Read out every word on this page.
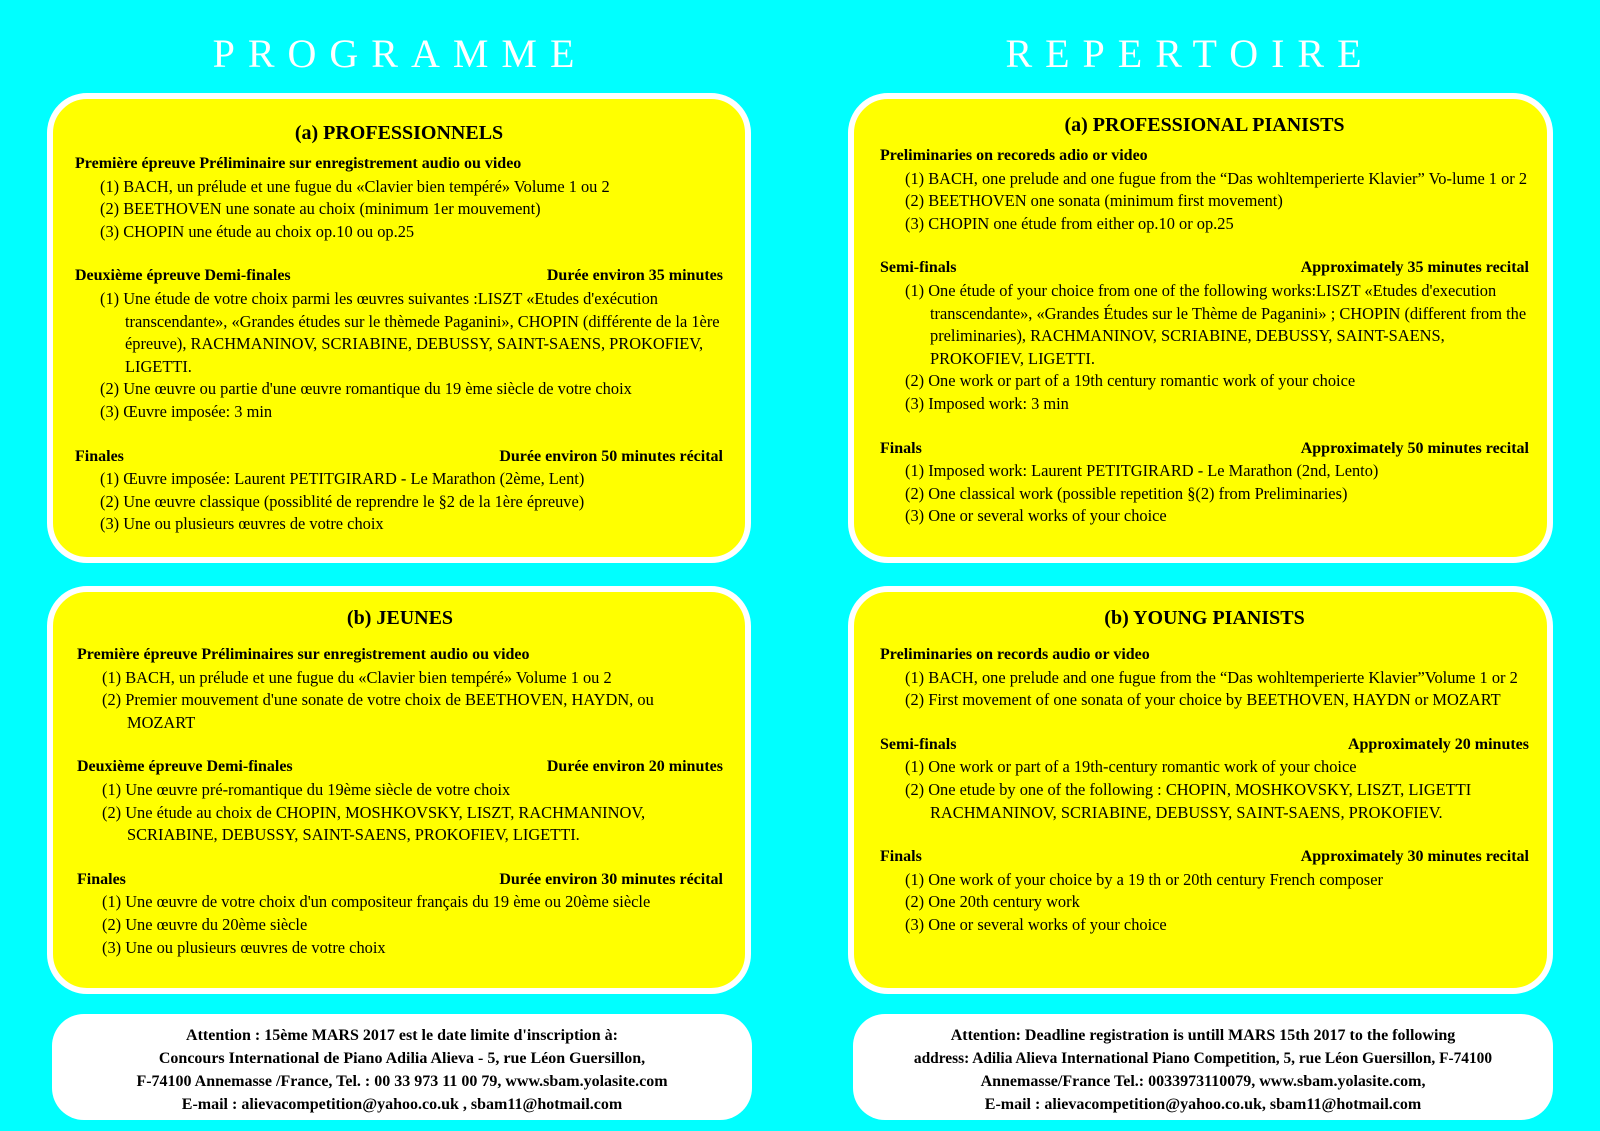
PROGRAMME	REPERTOIRE
(a) PROFESSIONNELS
Première épreuve Préliminaire sur enregistrement audio ou video
(1) BACH, un prélude et une fugue du «Clavier bien tempéré» Volume 1 ou 2
(2) BEETHOVEN une sonate au choix (minimum 1er mouvement)
(3) CHOPIN une étude au choix op.10 ou op.25
Deuxième épreuve Demi-finales	Durée environ 35 minutes
(1) Une étude de votre choix parmi les œuvres suivantes :LISZT «Etudes d'exécution transcendante», «Grandes études sur le thèmede Paganini», CHOPIN (différente de la 1ère épreuve), RACHMANINOV, SCRIABINE, DEBUSSY, SAINT-SAENS, PROKOFIEV, LIGETTI.
(2) Une œuvre ou partie d'une œuvre romantique du 19 ème siècle de votre choix
(3) Œuvre imposée: 3 min
Finales	Durée environ 50 minutes récital
(1) Œuvre imposée: Laurent PETITGIRARD - Le Marathon (2ème, Lent)
(2) Une œuvre classique (possiblité de reprendre le §2 de la 1ère épreuve)
(3) Une ou plusieurs œuvres de votre choix
(b) JEUNES
Première épreuve Préliminaires sur enregistrement audio ou video
(1) BACH, un prélude et une fugue du «Clavier bien tempéré» Volume 1 ou 2
(2) Premier mouvement d'une sonate de votre choix de BEETHOVEN, HAYDN, ou MOZART
Deuxième épreuve Demi-finales	Durée environ 20 minutes
(1) Une œuvre pré-romantique du 19ème siècle de votre choix
(2) Une étude au choix de CHOPIN, MOSHKOVSKY, LISZT, RACHMANINOV, SCRIABINE, DEBUSSY, SAINT-SAENS, PROKOFIEV, LIGETTI.
Finales	Durée environ 30 minutes récital
(1) Une œuvre de votre choix d'un compositeur français du 19 ème ou 20ème siècle
(2) Une œuvre du 20ème siècle
(3) Une ou plusieurs œuvres de votre choix
(a) PROFESSIONAL PIANISTS
Preliminaries on recoreds adio or video
(1) BACH, one prelude and one fugue from the “Das wohltemperierte Klavier” Vo-lume 1 or 2
(2) BEETHOVEN one sonata (minimum first movement)
(3) CHOPIN one étude from either op.10 or op.25
Semi-finals	Approximately 35 minutes recital
(1) One étude of your choice from one of the following works:LISZT «Etudes d'execution transcendante», «Grandes Études sur le Thème de Paganini» ; CHOPIN (different from the preliminaries), RACHMANINOV, SCRIABINE, DEBUSSY, SAINT-SAENS, PROKOFIEV, LIGETTI.
(2) One work or part of a 19th century romantic work of your choice
(3) Imposed work: 3 min
Finals	Approximately 50 minutes recital
(1) Imposed work: Laurent PETITGIRARD - Le Marathon (2nd, Lento)
(2) One classical work (possible repetition §(2) from Preliminaries)
(3) One or several works of your choice
(b) YOUNG PIANISTS
Preliminaries on records audio or video
(1) BACH, one prelude and one fugue from the “Das wohltemperierte Klavier”Volume 1 or 2
(2) First movement of one sonata of your choice by BEETHOVEN, HAYDN or MOZART
Semi-finals	Approximately 20 minutes
(1) One work or part of a 19th-century romantic work of your choice
(2) One etude by one of the following : CHOPIN, MOSHKOVSKY, LISZT, LIGETTI RACHMANINOV, SCRIABINE, DEBUSSY, SAINT-SAENS, PROKOFIEV.
Finals	Approximately 30 minutes recital
(1) One work of your choice by a 19 th or 20th century French composer
(2) One 20th century work
(3) One or several works of your choice
Attention : 15ème MARS 2017 est le date limite d'inscription à:
Concours International de Piano Adilia Alieva - 5, rue Léon Guersillon,
F-74100 Annemasse /France, Tel. : 00 33 973 11 00 79, www.sbam.yolasite.com
E-mail : alievacompetition@yahoo.co.uk , sbam11@hotmail.com
Attention: Deadline registration is untill MARS 15th 2017 to the following
address: Adilia Alieva International Piano Competition, 5, rue Léon Guersillon, F-74100
Annemasse/France Tel.: 0033973110079, www.sbam.yolasite.com,
E-mail : alievacompetition@yahoo.co.uk, sbam11@hotmail.com
